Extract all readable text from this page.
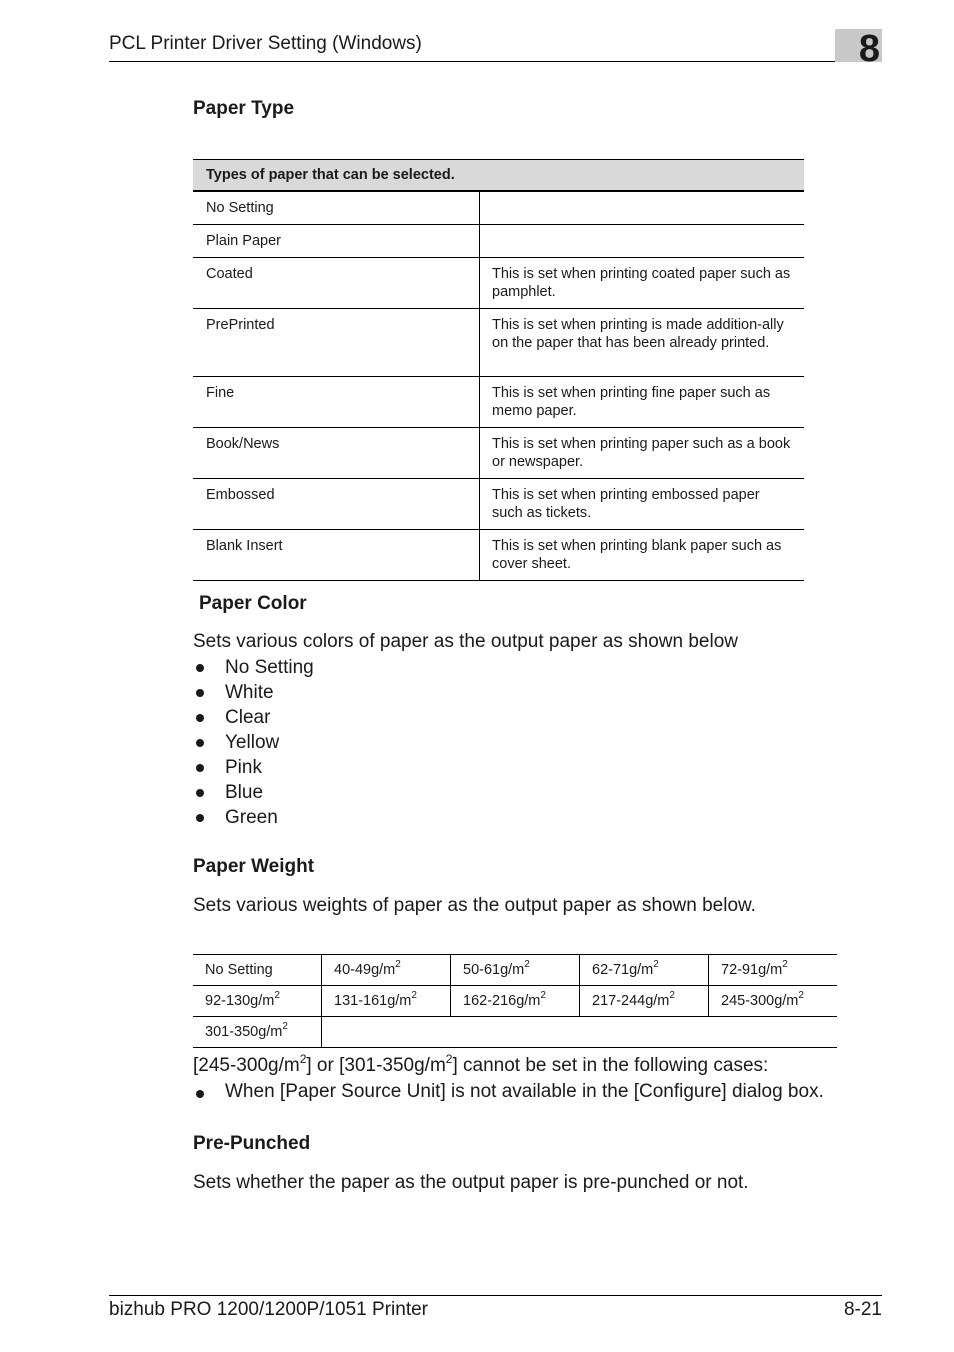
PCL Printer Driver Setting (Windows)	8
Paper Type
Types of paper that can be selected.	
No Setting	
Plain Paper	
Coated	This is set when printing coated paper such as pamphlet.
PrePrinted	This is set when printing is made addition-ally on the paper that has been already printed.
Fine	This is set when printing fine paper such as memo paper.
Book/News	This is set when printing paper such as a book or newspaper.
Embossed	This is set when printing embossed paper such as tickets.
Blank Insert	This is set when printing blank paper such as cover sheet.
Paper Color

Sets various colors of paper as the output paper as shown below

No Setting
White
Clear
Yellow
Pink
Blue
Green
Paper Weight

Sets various weights of paper as the output paper as shown below.

No Setting	$40-49g/m^2$	$50-61g/m^2$	$62-71g/m^2$	$72-91g/m^2$
$92-130g/m^2$	$131-161g/m^2$	$162-216g/m^2$	$217-244g/m^2$	$245-300g/m^2$
$301-350g/m^2$	
$[245-300g/m^2]$ or $[301-350g/m^2]$ cannot be set in the following cases:
When [Paper Source Unit] is not available in the [Configure] dialog box.
Pre-Punched

Sets whether the paper as the output paper is pre-punched or not.

bizhub PRO 1200/1200P/1051 Printer	8-21
